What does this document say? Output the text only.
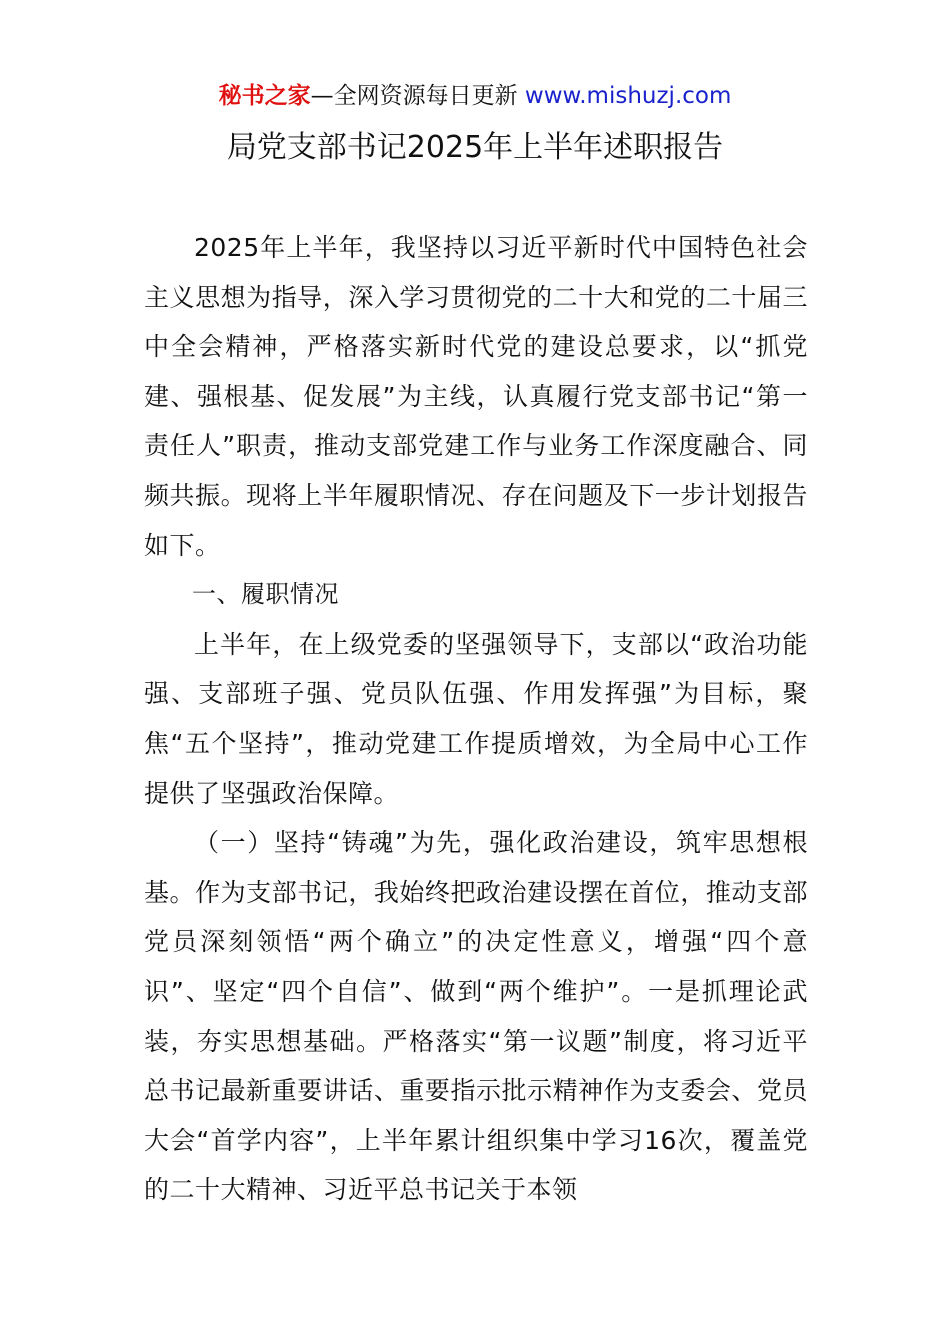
秘书之家—全网资源每日更新 www.mishuzj.com
局党支部书记2025年上半年述职报告

2025年上半年，我坚持以习近平新时代中国特色社会主义思想为指导，深入学习贯彻党的二十大和党的二十届三中全会精神，严格落实新时代党的建设总要求，以“抓党建、强根基、促发展”为主线，认真履行党支部书记“第一责任人”职责，推动支部党建工作与业务工作深度融合、同频共振。现将上半年履职情况、存在问题及下一步计划报告如下。

一、履职情况

上半年，在上级党委的坚强领导下，支部以“政治功能强、支部班子强、党员队伍强、作用发挥强”为目标，聚焦“五个坚持”，推动党建工作提质增效，为全局中心工作提供了坚强政治保障。

（一）坚持“铸魂”为先，强化政治建设，筑牢思想根基。作为支部书记，我始终把政治建设摆在首位，推动支部党员深刻领悟“两个确立”的决定性意义，增强“四个意识”、坚定“四个自信”、做到“两个维护”。一是抓理论武装，夯实思想基础。严格落实“第一议题”制度，将习近平总书记最新重要讲话、重要指示批示精神作为支委会、党员大会“首学内容”，上半年累计组织集中学习16次，覆盖党的二十大精神、习近平总书记关于本领
